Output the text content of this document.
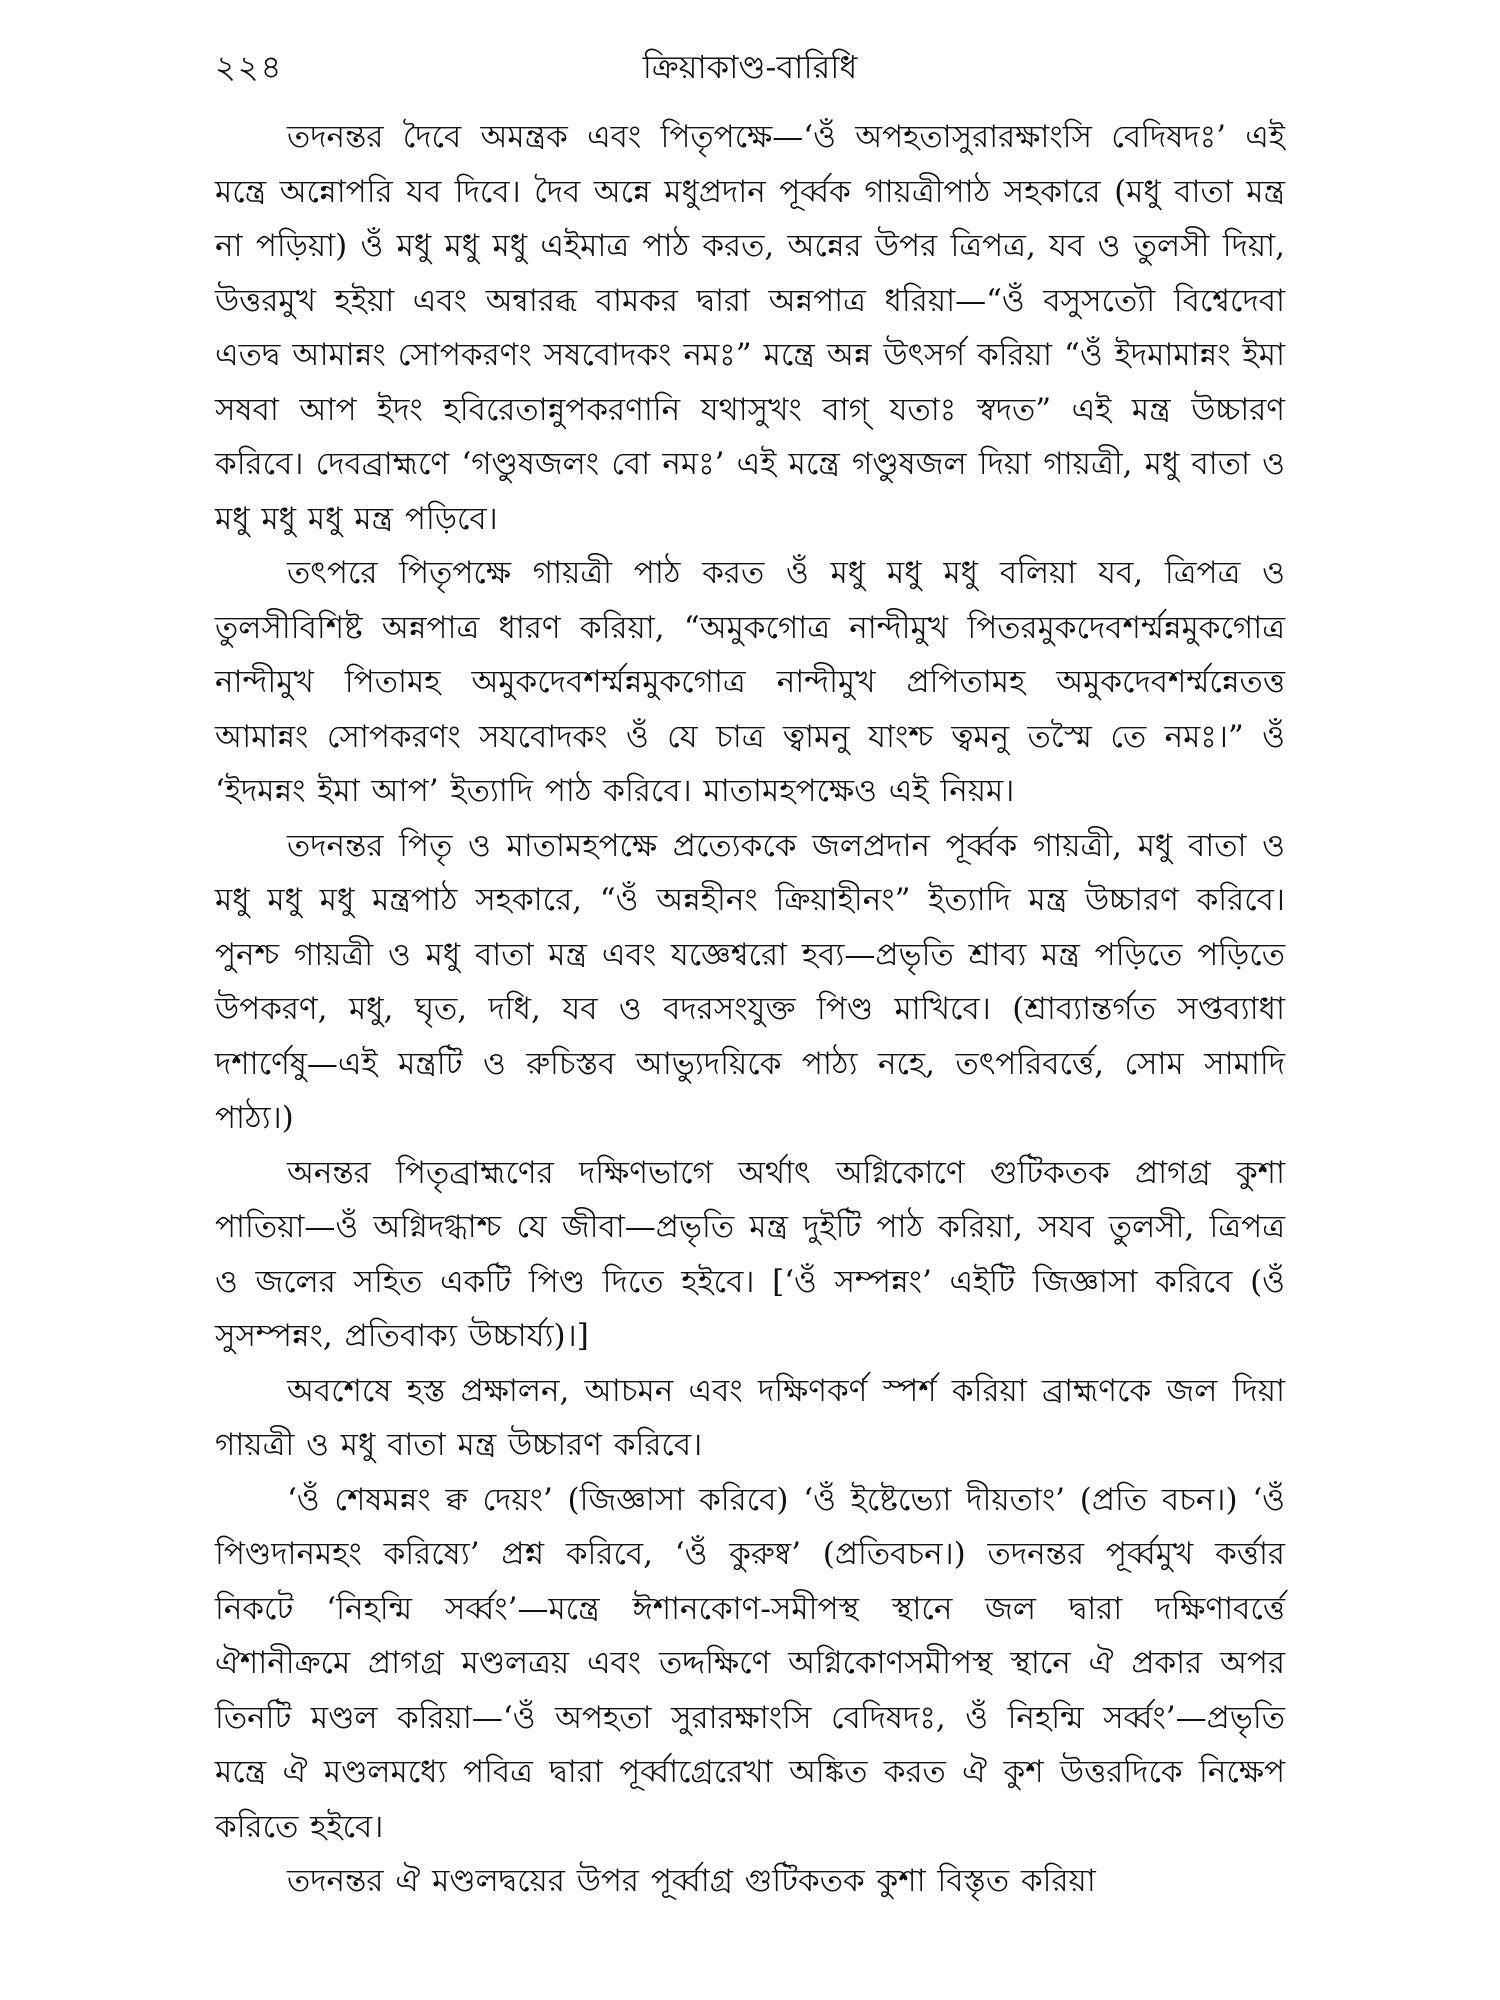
২২৪	ক্রিয়াকাণ্ড-বারিধি

তদনন্তর দৈবে অমন্ত্রক এবং পিতৃপক্ষে—‘ওঁ অপহতাসুরারক্ষাংসি বেদিষদঃ’ এই মন্ত্রে অন্নোপরি যব দিবে। দৈব অন্নে মধুপ্রদান পূর্ব্বক গায়ত্রীপাঠ সহকারে (মধু বাতা মন্ত্র না পড়িয়া) ওঁ মধু মধু মধু এইমাত্র পাঠ করত, অন্নের উপর ত্রিপত্র, যব ও তুলসী দিয়া, উত্তরমুখ হইয়া এবং অন্বারব্ধ বামকর দ্বারা অন্নপাত্র ধরিয়া—“ওঁ বসুসত্যৌ বিশ্বেদেবা এতদ্ব আমান্নং সোপকরণং সষবোদকং নমঃ” মন্ত্রে অন্ন উৎসর্গ করিয়া “ওঁ ইদমামান্নং ইমা সষবা আপ ইদং হবিরেতান্নুপকরণানি যথাসুখং বাগ্‌ যতাঃ স্বদত” এই মন্ত্র উচ্চারণ করিবে। দেবব্রাহ্মণে ‘গণ্ডুষজলং বো নমঃ’ এই মন্ত্রে গণ্ডুষজল দিয়া গায়ত্রী, মধু বাতা ও মধু মধু মধু মন্ত্র পড়িবে।

তৎপরে পিতৃপক্ষে গায়ত্রী পাঠ করত ওঁ মধু মধু মধু বলিয়া যব, ত্রিপত্র ও তুলসীবিশিষ্ট অন্নপাত্র ধারণ করিয়া, “অমুকগোত্র নান্দীমুখ পিতরমুকদেবশর্ম্মন্নমুকগোত্র নান্দীমুখ পিতামহ অমুকদেবশর্ম্মন্নমুকগোত্র নান্দীমুখ প্রপিতামহ অমুকদেবশর্ম্মন্নেতত্ত আমান্নং সোপকরণং সযবোদকং ওঁ যে চাত্র ত্বামনু যাংশ্চ ত্বমনু তস্মৈ তে নমঃ।” ওঁ ‘ইদমন্নং ইমা আপ’ ইত্যাদি পাঠ করিবে। মাতামহপক্ষেও এই নিয়ম।

তদনন্তর পিতৃ ও মাতামহপক্ষে প্রত্যেককে জলপ্রদান পূর্ব্বক গায়ত্রী, মধু বাতা ও মধু মধু মধু মন্ত্রপাঠ সহকারে, “ওঁ অন্নহীনং ক্রিয়াহীনং” ইত্যাদি মন্ত্র উচ্চারণ করিবে। পুনশ্চ গায়ত্রী ও মধু বাতা মন্ত্র এবং যজ্ঞেশ্বরো হব্য—প্রভৃতি শ্রাব্য মন্ত্র পড়িতে পড়িতে উপকরণ, মধু, ঘৃত, দধি, যব ও বদরসংযুক্ত পিণ্ড মাখিবে। (শ্রাব্যান্তর্গত সপ্তব্যাধা দশার্ণেষু—এই মন্ত্রটি ও রুচিস্তব আভ্যুদয়িকে পাঠ্য নহে, তৎপরিবর্ত্তে, সোম সামাদি পাঠ্য।)

অনন্তর পিতৃব্রাহ্মণের দক্ষিণভাগে অর্থাৎ অগ্নিকোণে গুটিকতক প্রাগগ্র কুশা পাতিয়া—ওঁ অগ্নিদগ্ধাশ্চ যে জীবা—প্রভৃতি মন্ত্র দুইটি পাঠ করিয়া, সযব তুলসী, ত্রিপত্র ও জলের সহিত একটি পিণ্ড দিতে হইবে। [‘ওঁ সম্পন্নং’ এইটি জিজ্ঞাসা করিবে (ওঁ সুসম্পন্নং, প্রতিবাক্য উচ্চার্য্য)।]

অবশেষে হস্ত প্রক্ষালন, আচমন এবং দক্ষিণকর্ণ স্পর্শ করিয়া ব্রাহ্মণকে জল দিয়া গায়ত্রী ও মধু বাতা মন্ত্র উচ্চারণ করিবে।

‘ওঁ শেষমন্নং ক্ব দেয়ং’ (জিজ্ঞাসা করিবে) ‘ওঁ ইষ্টেভ্যো দীয়তাং’ (প্রতি বচন।) ‘ওঁ পিণ্ডদানমহং করিষ্যে’ প্রশ্ন করিবে, ‘ওঁ কুরুষ্ব’ (প্রতিবচন।) তদনন্তর পূর্ব্বমুখ কর্ত্তার নিকটে ‘নিহন্মি সর্ব্বং’—মন্ত্রে ঈশানকোণ-সমীপস্থ স্থানে জল দ্বারা দক্ষিণাবর্ত্তে ঐশানীক্রমে প্রাগগ্র মণ্ডলত্রয় এবং তদ্দক্ষিণে অগ্নিকোণসমীপস্থ স্থানে ঐ প্রকার অপর তিনটি মণ্ডল করিয়া—‘ওঁ অপহতা সুরারক্ষাংসি বেদিষদঃ, ওঁ নিহন্মি সর্ব্বং’—প্রভৃতি মন্ত্রে ঐ মণ্ডলমধ্যে পবিত্র দ্বারা পূর্ব্বাগ্রেরেখা অঙ্কিত করত ঐ কুশ উত্তরদিকে নিক্ষেপ করিতে হইবে।

তদনন্তর ঐ মণ্ডলদ্বয়ের উপর পূর্ব্বাগ্র গুটিকতক কুশা বিস্তৃত করিয়া
